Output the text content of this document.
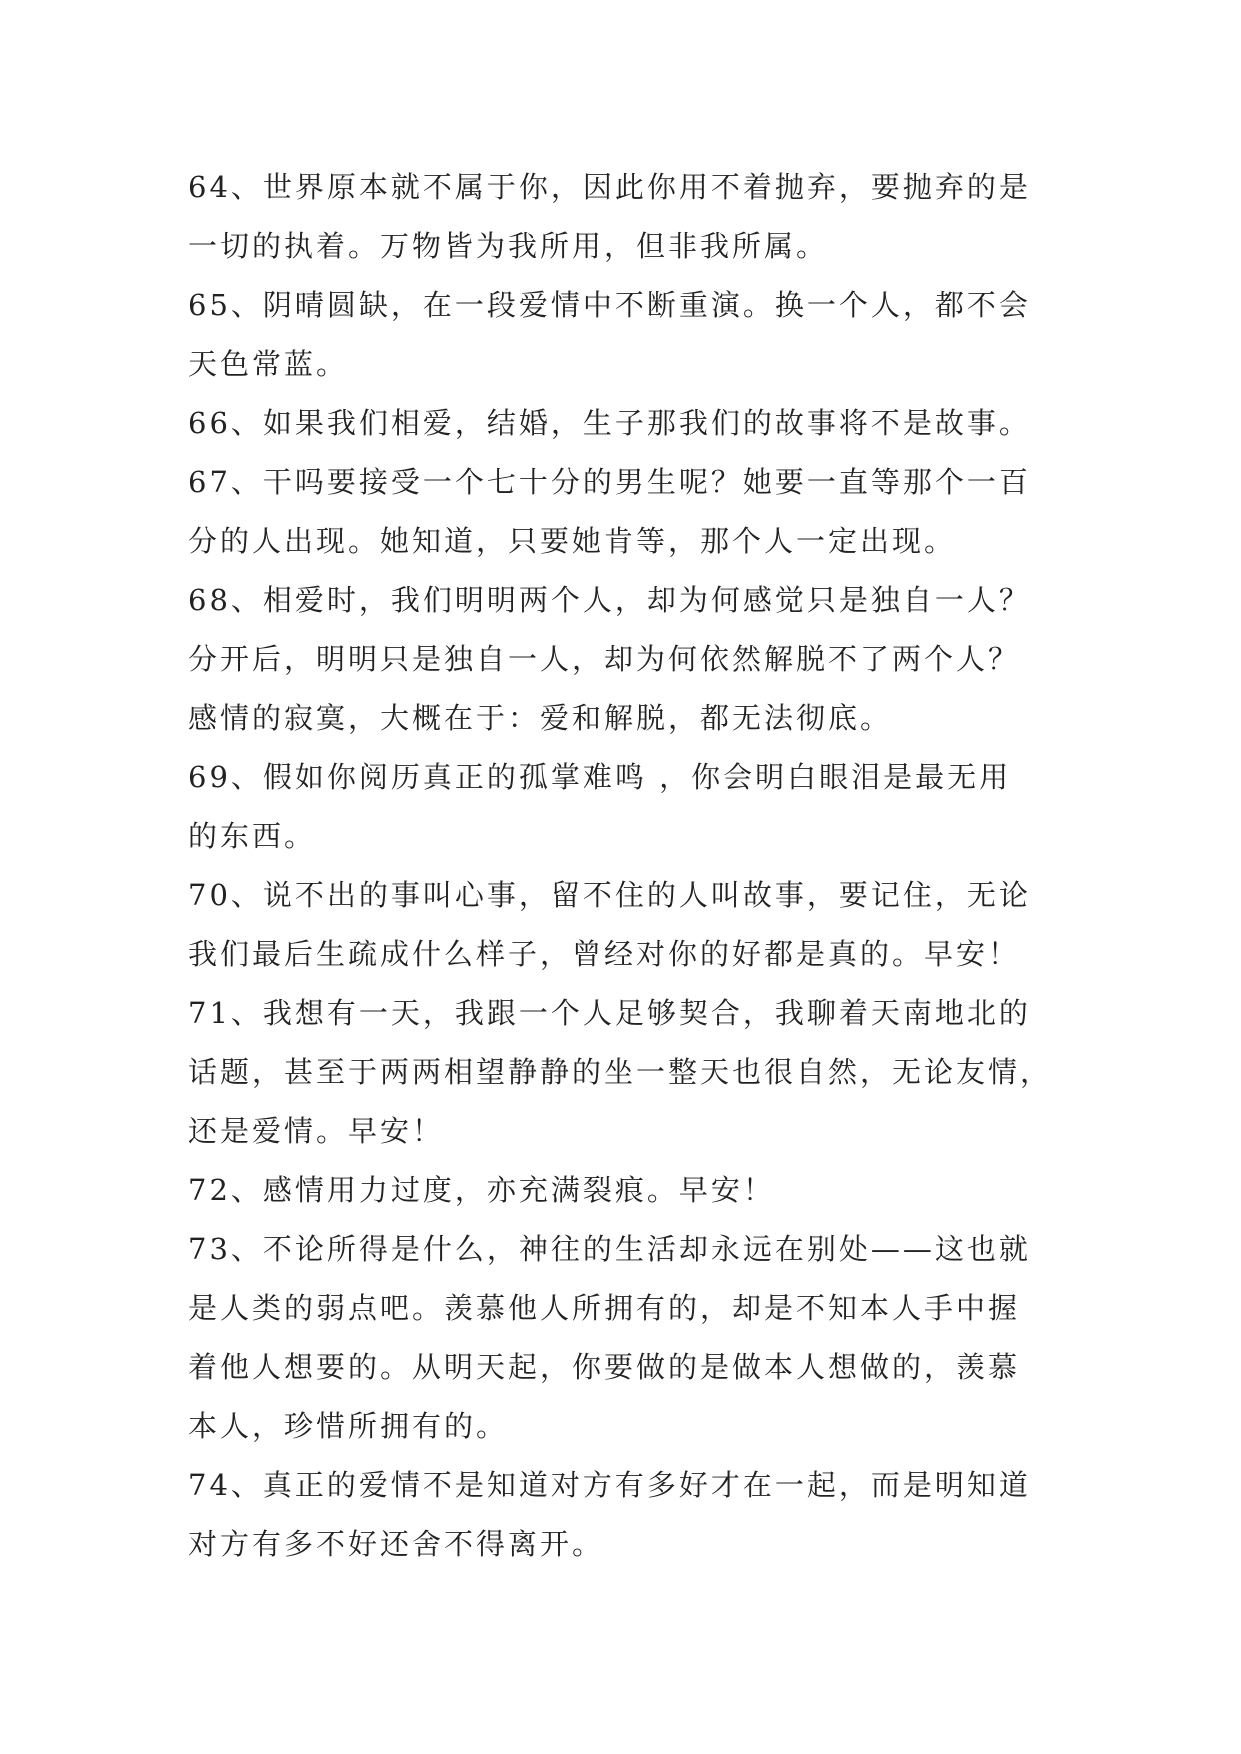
64、世界原本就不属于你，因此你用不着抛弃，要抛弃的是
一切的执着。万物皆为我所用，但非我所属。
65、阴晴圆缺，在一段爱情中不断重演。换一个人，都不会
天色常蓝。
66、如果我们相爱，结婚，生子那我们的故事将不是故事。
67、干吗要接受一个七十分的男生呢？她要一直等那个一百
分的人出现。她知道，只要她肯等，那个人一定出现。
68、相爱时，我们明明两个人，却为何感觉只是独自一人？
分开后，明明只是独自一人，却为何依然解脱不了两个人？
感情的寂寞，大概在于：爱和解脱，都无法彻底。
69、假如你阅历真正的孤掌难鸣 ，你会明白眼泪是最无用
的东西。
70、说不出的事叫心事，留不住的人叫故事，要记住，无论
我们最后生疏成什么样子，曾经对你的好都是真的。早安！
71、我想有一天，我跟一个人足够契合，我聊着天南地北的
话题，甚至于两两相望静静的坐一整天也很自然，无论友情，
还是爱情。早安！
72、感情用力过度，亦充满裂痕。早安！
73、不论所得是什么，神往的生活却永远在别处——这也就
是人类的弱点吧。羡慕他人所拥有的，却是不知本人手中握
着他人想要的。从明天起，你要做的是做本人想做的，羡慕
本人，珍惜所拥有的。
74、真正的爱情不是知道对方有多好才在一起，而是明知道
对方有多不好还舍不得离开。
